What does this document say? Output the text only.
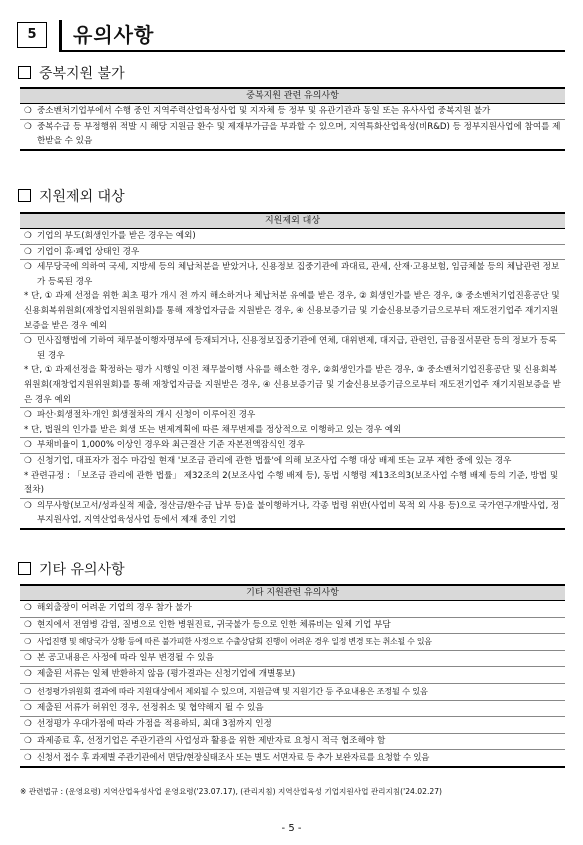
5	유의사항
중복지원 불가
중복지원 관련 유의사항
❍ 중소벤처기업부에서 수행 중인 지역주력산업육성사업 및 지자체 등 정부 및 유관기관과 동일 또는 유사사업 중복지원 불가
❍ 중복수급 등 부정행위 적발 시 해당 지원금 환수 및 제재부가금을 부과할 수 있으며, 지역특화산업육성(비R&D) 등 정부지원사업에 참여를 제한받을 수 있음
지원제외 대상
지원제외 대상
❍ 기업의 부도(회생인가를 받은 경우는 예외)
❍ 기업이 휴·폐업 상태인 경우
❍ 세무당국에 의하여 국세, 지방세 등의 체납처분을 받았거나, 신용정보 집중기관에 과대료, 관세, 산재·고용보험, 임금체불 등의 체납관련 정보가 등록된 경우
* 단, ① 과제 선정을 위한 최초 평가 개시 전 까지 해소하거나 체납처분 유예를 받은 경우, ② 회생인가를 받은 경우, ③ 중소벤처기업진흥공단 및 신용회복위원회(재창업지원위원회)를 통해 재창업자금을 지원받은 경우, ④ 신용보증기금 및 기술신용보증기금으로부터 재도전기업주 재기지원보증을 받은 경우 예외
❍ 민사집행법에 기하여 채무불이행자명부에 등재되거나, 신용정보집중기관에 연체, 대위변제, 대지급, 관련인, 금융질서문란 등의 정보가 등록된 경우
* 단, ① 과제선정을 확정하는 평가 시행일 이전 채무불이행 사유를 해소한 경우, ②회생인가를 받은 경우, ③ 중소벤처기업진흥공단 및 신용회복위원회(재창업지원위원회)를 통해 재창업자금을 지원받은 경우, ④ 신용보증기금 및 기술신용보증기금으로부터 재도전기업주 재기지원보증을 받은 경우 예외
❍ 파산·회생절차·개인 회생절차의 개시 신청이 이루어진 경우
* 단, 법원의 인가를 받은 회생 또는 변제계획에 따른 채무변제를 정상적으로 이행하고 있는 경우 예외
❍ 부채비율이 1,000% 이상인 경우와 최근결산 기준 자본전액잠식인 경우
❍ 신청기업, 대표자가 접수 마감일 현재 '보조금 관리에 관한 법률'에 의해 보조사업 수행 대상 배제 또는 교부 제한 중에 있는 경우
* 관련규정 : 「보조금 관리에 관한 법률」 제32조의 2(보조사업 수행 배제 등), 동법 시행령 제13조의3(보조사업 수행 배제 등의 기준, 방법 및 절차)
❍ 의무사항(보고서/성과실적 제출, 정산금/환수금 납부 등)을 불이행하거나, 각종 법령 위반(사업비 목적 외 사용 등)으로 국가연구개발사업, 정부지원사업, 지역산업육성사업 등에서 제재 중인 기업
기타 유의사항
기타 지원관련 유의사항
❍ 해외출장이 어려운 기업의 경우 참가 불가
❍ 현지에서 전염병 감염, 질병으로 인한 병원진료, 귀국불가 등으로 인한 체류비는 일체 기업 부담
❍ 사업진행 및 해당국가 상황 등에 따른 불가피한 사정으로 수출상담회 진행이 어려운 경우 일정 변경 또는 취소될 수 있음
❍ 본 공고내용은 사정에 따라 일부 변경될 수 있음
❍ 제출된 서류는 일체 반환하지 않음 (평가결과는 신청기업에 개별통보)
❍ 선정평가위원회 결과에 따라 지원대상에서 제외될 수 있으며, 지원금액 및 지원기간 등 주요내용은 조정될 수 있음
❍ 제출된 서류가 허위인 경우, 선정취소 및 협약해지 될 수 있음
❍ 선정평가 우대가점에 따라 가점을 적용하되, 최대 3점까지 인정
❍ 과제종료 후, 선정기업은 주관기관의 사업성과 활용을 위한 제반자료 요청시 적극 협조해야 함
❍ 신청서 접수 후 과제별 주관기관에서 면담/현장실태조사 또는 별도 서면자료 등 추가 보완자료를 요청할 수 있음
※ 관련법규 : (운영요령) 지역산업육성사업 운영요령('23.07.17), (관리지침) 지역산업육성 기업지원사업 관리지침('24.02.27)
- 5 -
